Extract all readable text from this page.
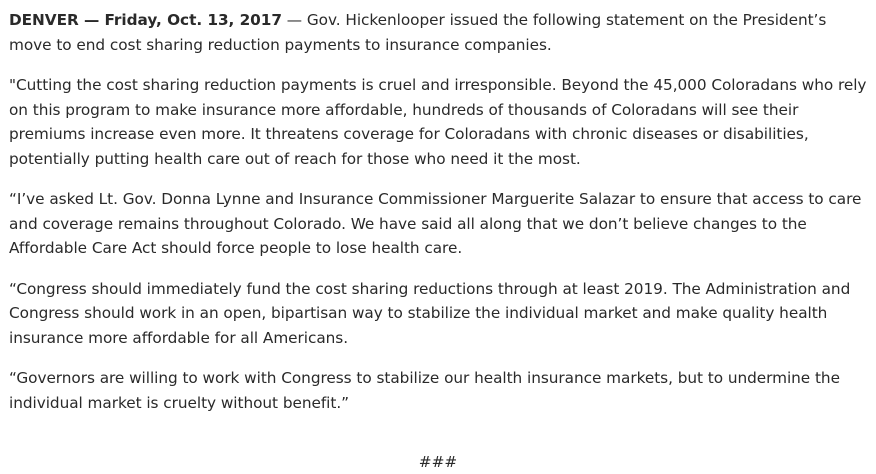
DENVER — Friday, Oct. 13, 2017 — Gov. Hickenlooper issued the following statement on the President’s move to end cost sharing reduction payments to insurance companies.

"Cutting the cost sharing reduction payments is cruel and irresponsible. Beyond the 45,000 Coloradans who rely on this program to make insurance more affordable, hundreds of thousands of Coloradans will see their premiums increase even more. It threatens coverage for Coloradans with chronic diseases or disabilities, potentially putting health care out of reach for those who need it the most.

“I’ve asked Lt. Gov. Donna Lynne and Insurance Commissioner Marguerite Salazar to ensure that access to care and coverage remains throughout Colorado. We have said all along that we don’t believe changes to the Affordable Care Act should force people to lose health care.

“Congress should immediately fund the cost sharing reductions through at least 2019. The Administration and Congress should work in an open, bipartisan way to stabilize the individual market and make quality health insurance more affordable for all Americans.

“Governors are willing to work with Congress to stabilize our health insurance markets, but to undermine the individual market is cruelty without benefit.”

###
